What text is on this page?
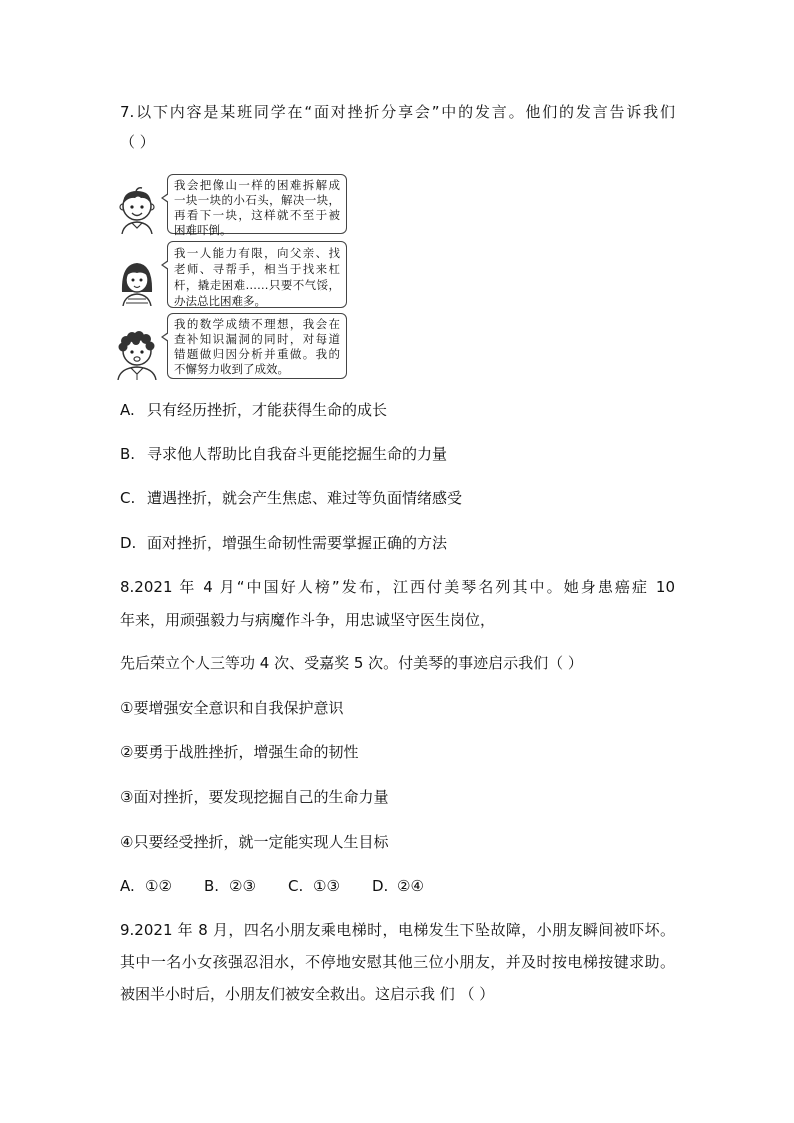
7.以下内容是某班同学在“面对挫折分享会”中的发言。他们的发言告诉我们
（ ）
我会把像山一样的困难拆解成
一块一块的小石头，解决一块，
再看下一块，这样就不至于被
困难吓倒。
我一人能力有限，向父亲、找
老师、寻帮手，相当于找来杠
杆，撬走困难……只要不气馁，
办法总比困难多。
我的数学成绩不理想，我会在
查补知识漏洞的同时，对每道
错题做归因分析并重做。我的
不懈努力收到了成效。
A. 只有经历挫折，才能获得生命的成长
B. 寻求他人帮助比自我奋斗更能挖掘生命的力量
C. 遭遇挫折，就会产生焦虑、难过等负面情绪感受
D. 面对挫折，增强生命韧性需要掌握正确的方法
8.2021 年 4 月“中国好人榜”发布，江西付美琴名列其中。她身患癌症 10
年来，用顽强毅力与病魔作斗争，用忠诚坚守医生岗位，
先后荣立个人三等功 4 次、受嘉奖 5 次。付美琴的事迹启示我们（ ）
①要增强安全意识和自我保护意识
②要勇于战胜挫折，增强生命的韧性
③面对挫折，要发现挖掘自己的生命力量
④只要经受挫折，就一定能实现人生目标
A. ①② B. ②③ C. ①③ D. ②④
9.2021 年 8 月，四名小朋友乘电梯时，电梯发生下坠故障，小朋友瞬间被吓坏。
其中一名小女孩强忍泪水，不停地安慰其他三位小朋友，并及时按电梯按键求助。
被困半小时后，小朋友们被安全救出。这启示我 们 （ ）
